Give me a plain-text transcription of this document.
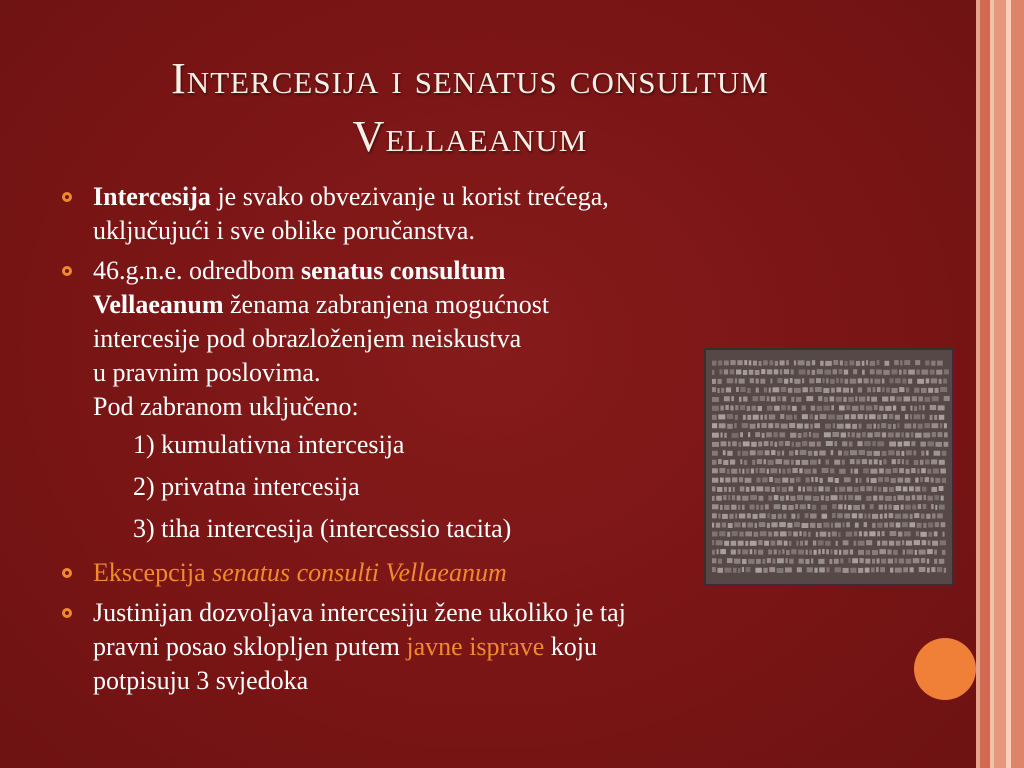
Intercesija i senatus consultum
Vellaeanum
Intercesija je svako obvezivanje u korist trećega,
uključujući i sve oblike poručanstva.
46.g.n.e. odredbom senatus consultum
Vellaeanum ženama zabranjena mogućnost
intercesije pod obrazloženjem neiskustva
u pravnim poslovima.
Pod zabranom uključeno:
1) kumulativna intercesija
2) privatna intercesija
3) tiha intercesija (intercessio tacita)
Ekscepcija senatus consulti Vellaeanum
Justinijan dozvoljava intercesiju žene ukoliko je taj
pravni posao sklopljen putem javne isprave koju
potpisuju 3 svjedoka
